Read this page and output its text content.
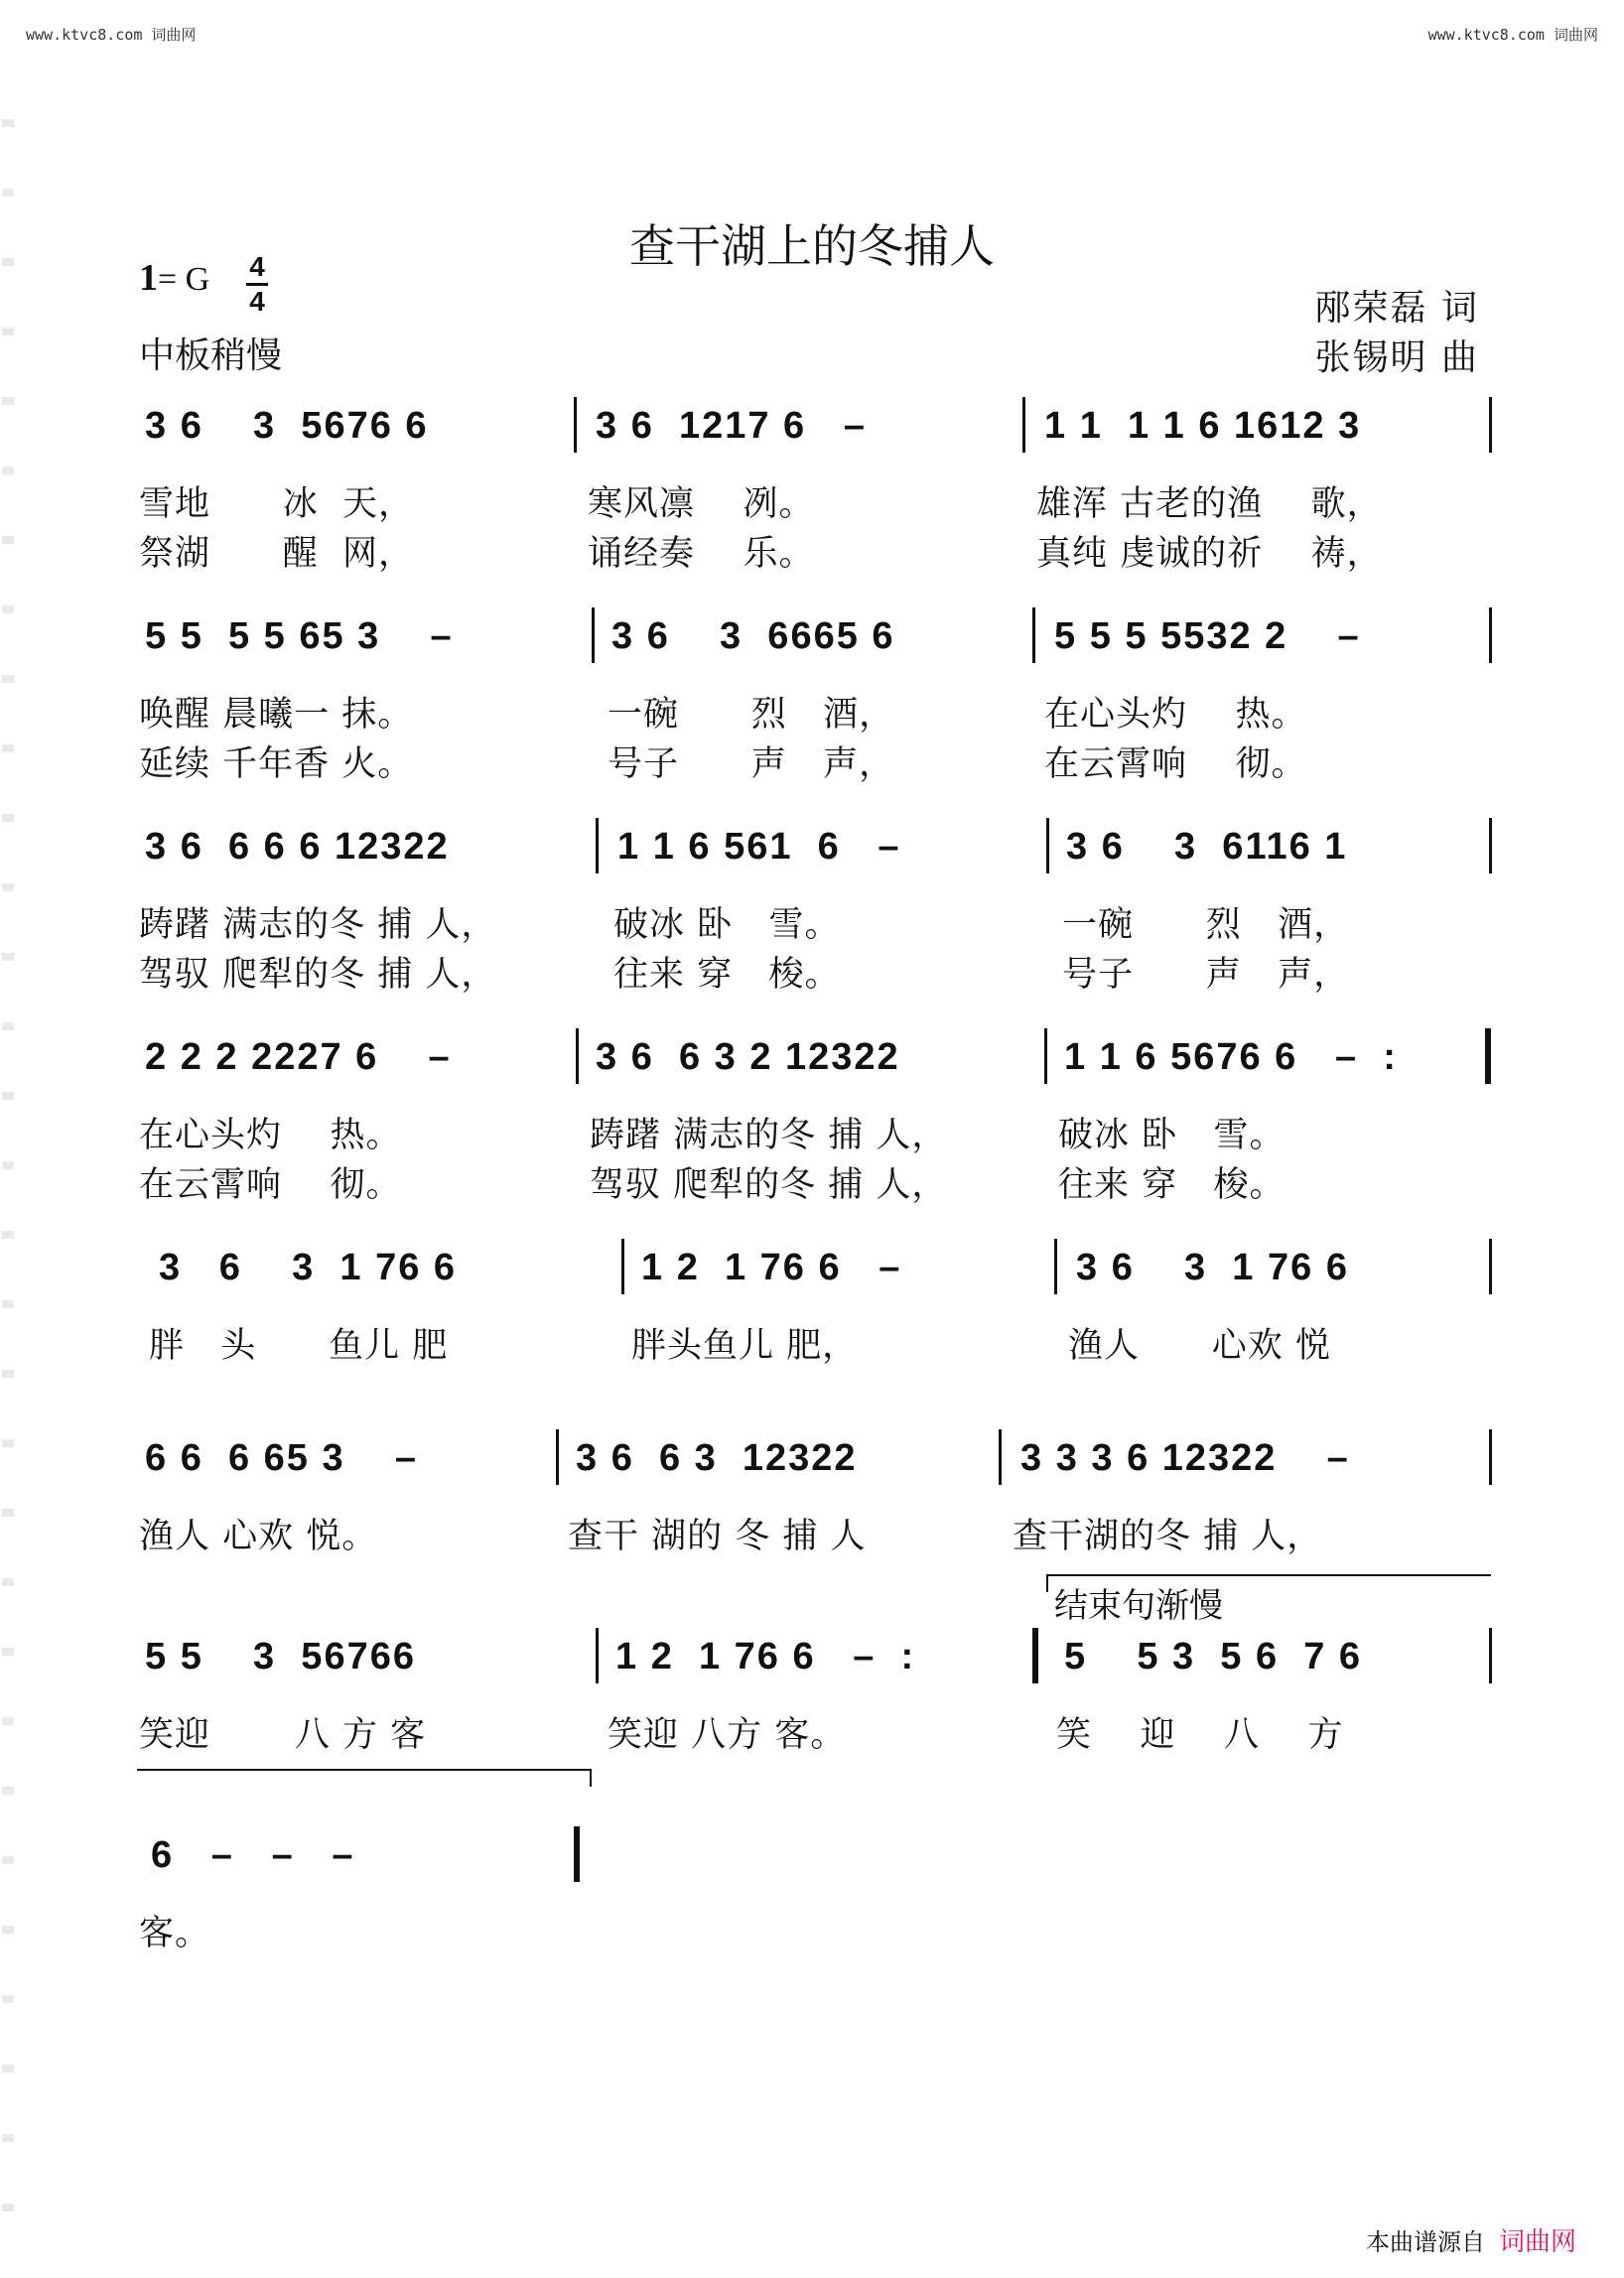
www.ktvc8.com 词曲网	www.ktvc8.com 词曲网
查干湖上的冬捕人
1= G 4
4
中板稍慢
邴荣磊 词
张锡明 曲
3 6    3  5676 6	3 6  1217 6   –	1 1  1 1 6 1612 3
雪地      冰  天，	寒风凛    冽。	雄浑 古老的渔    歌，
祭湖      醒  网，	诵经奏    乐。	真纯 虔诚的祈    祷，
5 5  5 5 65 3    –	3 6    3  6665 6	5 5 5 5532 2    –
唤醒 晨曦一 抹。	一碗      烈   酒，	在心头灼    热。
延续 千年香 火。	号子      声   声，	在云霄响    彻。
3 6  6 6 6 12322	1 1 6 561  6   –	3 6    3  6116 1
踌躇 满志的冬 捕 人，	破冰 卧   雪。	一碗      烈   酒，
驾驭 爬犁的冬 捕 人，	往来 穿   梭。	号子      声   声，
2 2 2 2227 6    –	3 6  6 3 2 12322	1 1 6 5676 6   –  :
在心头灼    热。	踌躇 满志的冬 捕 人，	破冰 卧   雪。
在云霄响    彻。	驾驭 爬犁的冬 捕 人，	往来 穿   梭。
3   6    3  1 76 6	1 2  1 76 6   –	3 6    3  1 76 6
胖   头      鱼儿 肥	胖头鱼儿 肥，	渔人      心欢 悦
6 6  6 65 3    –	3 6  6 3  12322	3 3 3 6 12322    –
渔人 心欢 悦。	查干 湖的 冬 捕 人	查干湖的冬 捕 人，
结束句渐慢
5 5    3  56766	1 2  1 76 6   –  :	5    5 3  5 6  7 6
笑迎       八 方 客	笑迎 八方 客。	笑    迎    八    方
6   –   –   –
客。
本曲谱源自 词曲网
